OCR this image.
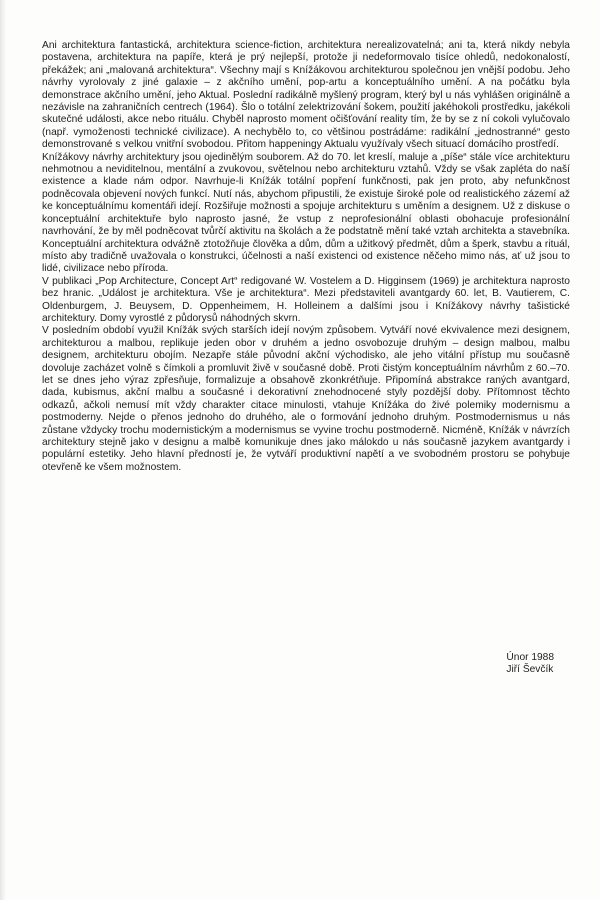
Ani architektura fantastická, architektura science-fiction, architektura nerealizovatelná; ani ta, která nikdy nebyla postavena, architektura na papíře, která je prý nejlepší, protože ji nedeformovalo tisíce ohledů, nedokonalostí, překážek; ani „malovaná architektura“. Všechny mají s Knížákovou architekturou společnou jen vnější podobu. Jeho návrhy vyrolovaly z jiné galaxie – z akčního umění, pop-artu a konceptuálního umění. A na počátku byla demonstrace akčního umění, jeho Aktual. Poslední radikálně myšlený program, který byl u nás vyhlášen originálně a nezávisle na zahraničních centrech (1964). Šlo o totální zelektrizování šokem, použití jakéhokoli prostředku, jakékoli skutečné události, akce nebo rituálu. Chyběl naprosto moment očišťování reality tím, že by se z ní cokoli vylučovalo (např. vymoženosti technické civilizace). A nechybělo to, co většinou postrádáme: radikální „jednostranné“ gesto demonstrované s velkou vnitřní svobodou. Přitom happeningy Aktualu využívaly všech situací domácího prostředí.

Knížákovy návrhy architektury jsou ojedinělým souborem. Až do 70. let kreslí, maluje a „píše“ stále více architekturu nehmotnou a neviditelnou, mentální a zvukovou, světelnou nebo architekturu vztahů. Vždy se však zapléta do naší existence a klade nám odpor. Navrhuje-li Knížák totální popření funkčnosti, pak jen proto, aby nefunkčnost podněcovala objevení nových funkcí. Nutí nás, abychom připustili, že existuje široké pole od realistického zázemí až ke konceptuálnímu komentáři idejí. Rozšiřuje možnosti a spojuje architekturu s uměním a designem. Už z diskuse o konceptuální architektuře bylo naprosto jasné, že vstup z neprofesionální oblasti obohacuje profesionální navrhování, že by měl podněcovat tvůrčí aktivitu na školách a že podstatně mění také vztah architekta a stavebníka. Konceptuální architektura odvážně ztotožňuje člověka a dům, dům a užitkový předmět, dům a šperk, stavbu a rituál, místo aby tradičně uvažovala o konstrukci, účelnosti a naší existenci od existence něčeho mimo nás, ať už jsou to lidé, civilizace nebo příroda.

V publikaci „Pop Architecture, Concept Art“ redigované W. Vostelem a D. Higginsem (1969) je architektura naprosto bez hranic. „Událost je architektura. Vše je architektura“. Mezi představiteli avantgardy 60. let, B. Vautierem, C. Oldenburgem, J. Beuysem, D. Oppenheimem, H. Holleinem a dalšími jsou i Knížákovy návrhy tašistické architektury. Domy vyrostlé z půdorysů náhodných skvrn.

V posledním období využil Knížák svých starších idejí novým způsobem. Vytváří nové ekvivalence mezi designem, architekturou a malbou, replikuje jeden obor v druhém a jedno osvobozuje druhým – design malbou, malbu designem, architekturu obojím. Nezapře stále původní akční východisko, ale jeho vitální přístup mu současně dovoluje zacházet volně s čímkoli a promluvit živě v současné době. Proti čistým konceptuálním návrhům z 60.–70. let se dnes jeho výraz zpřesňuje, formalizuje a obsahově zkonkrétňuje. Připomíná abstrakce raných avantgard, dada, kubismus, akční malbu a současné i dekorativní znehodnocené styly pozdější doby. Přítomnost těchto odkazů, ačkoli nemusí mít vždy charakter citace minulosti, vtahuje Knížáka do živé polemiky modernismu a postmoderny. Nejde o přenos jednoho do druhého, ale o formování jednoho druhým. Postmodernismus u nás zůstane vždycky trochu modernistickým a modernismus se vyvine trochu postmoderně. Nicméně, Knížák v návrzích architektury stejně jako v designu a malbě komunikuje dnes jako málokdo u nás současně jazykem avantgardy i populární estetiky. Jeho hlavní předností je, že vytváří produktivní napětí a ve svobodném prostoru se pohybuje otevřeně ke všem možnostem.

Únor 1988
Jiří Ševčík
